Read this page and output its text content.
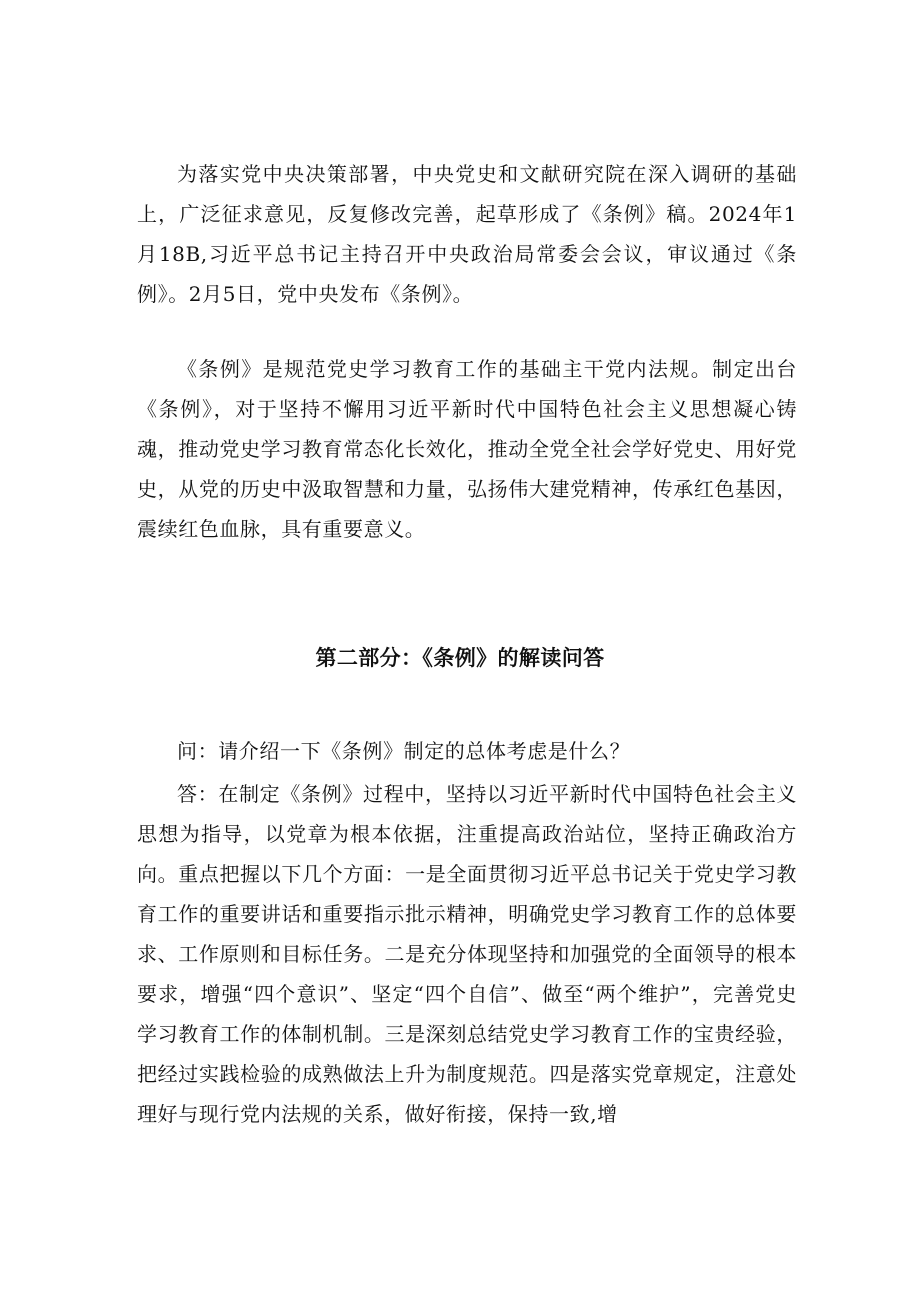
为落实党中央决策部署，中央党史和文献研究院在深入调研的基础上，广泛征求意见，反复修改完善，起草形成了《条例》稿。2024年1月18B,习近平总书记主持召开中央政治局常委会会议，审议通过《条例》。2月5日，党中央发布《条例》。

《条例》是规范党史学习教育工作的基础主干党内法规。制定出台《条例》，对于坚持不懈用习近平新时代中国特色社会主义思想凝心铸魂，推动党史学习教育常态化长效化，推动全党全社会学好党史、用好党史，从党的历史中汲取智慧和力量，弘扬伟大建党精神，传承红色基因，震续红色血脉，具有重要意义。

第二部分：《条例》的解读问答

问：请介绍一下《条例》制定的总体考虑是什么？

答：在制定《条例》过程中，坚持以习近平新时代中国特色社会主义思想为指导，以党章为根本依据，注重提高政治站位，坚持正确政治方向。重点把握以下几个方面：一是全面贯彻习近平总书记关于党史学习教育工作的重要讲话和重要指示批示精神，明确党史学习教育工作的总体要求、工作原则和目标任务。二是充分体现坚持和加强党的全面领导的根本要求，增强“四个意识”、坚定“四个自信”、做至“两个维护”，完善党史学习教育工作的体制机制。三是深刻总结党史学习教育工作的宝贵经验，把经过实践检验的成熟做法上升为制度规范。四是落实党章规定，注意处理好与现行党内法规的关系，做好衔接，保持一致,增
